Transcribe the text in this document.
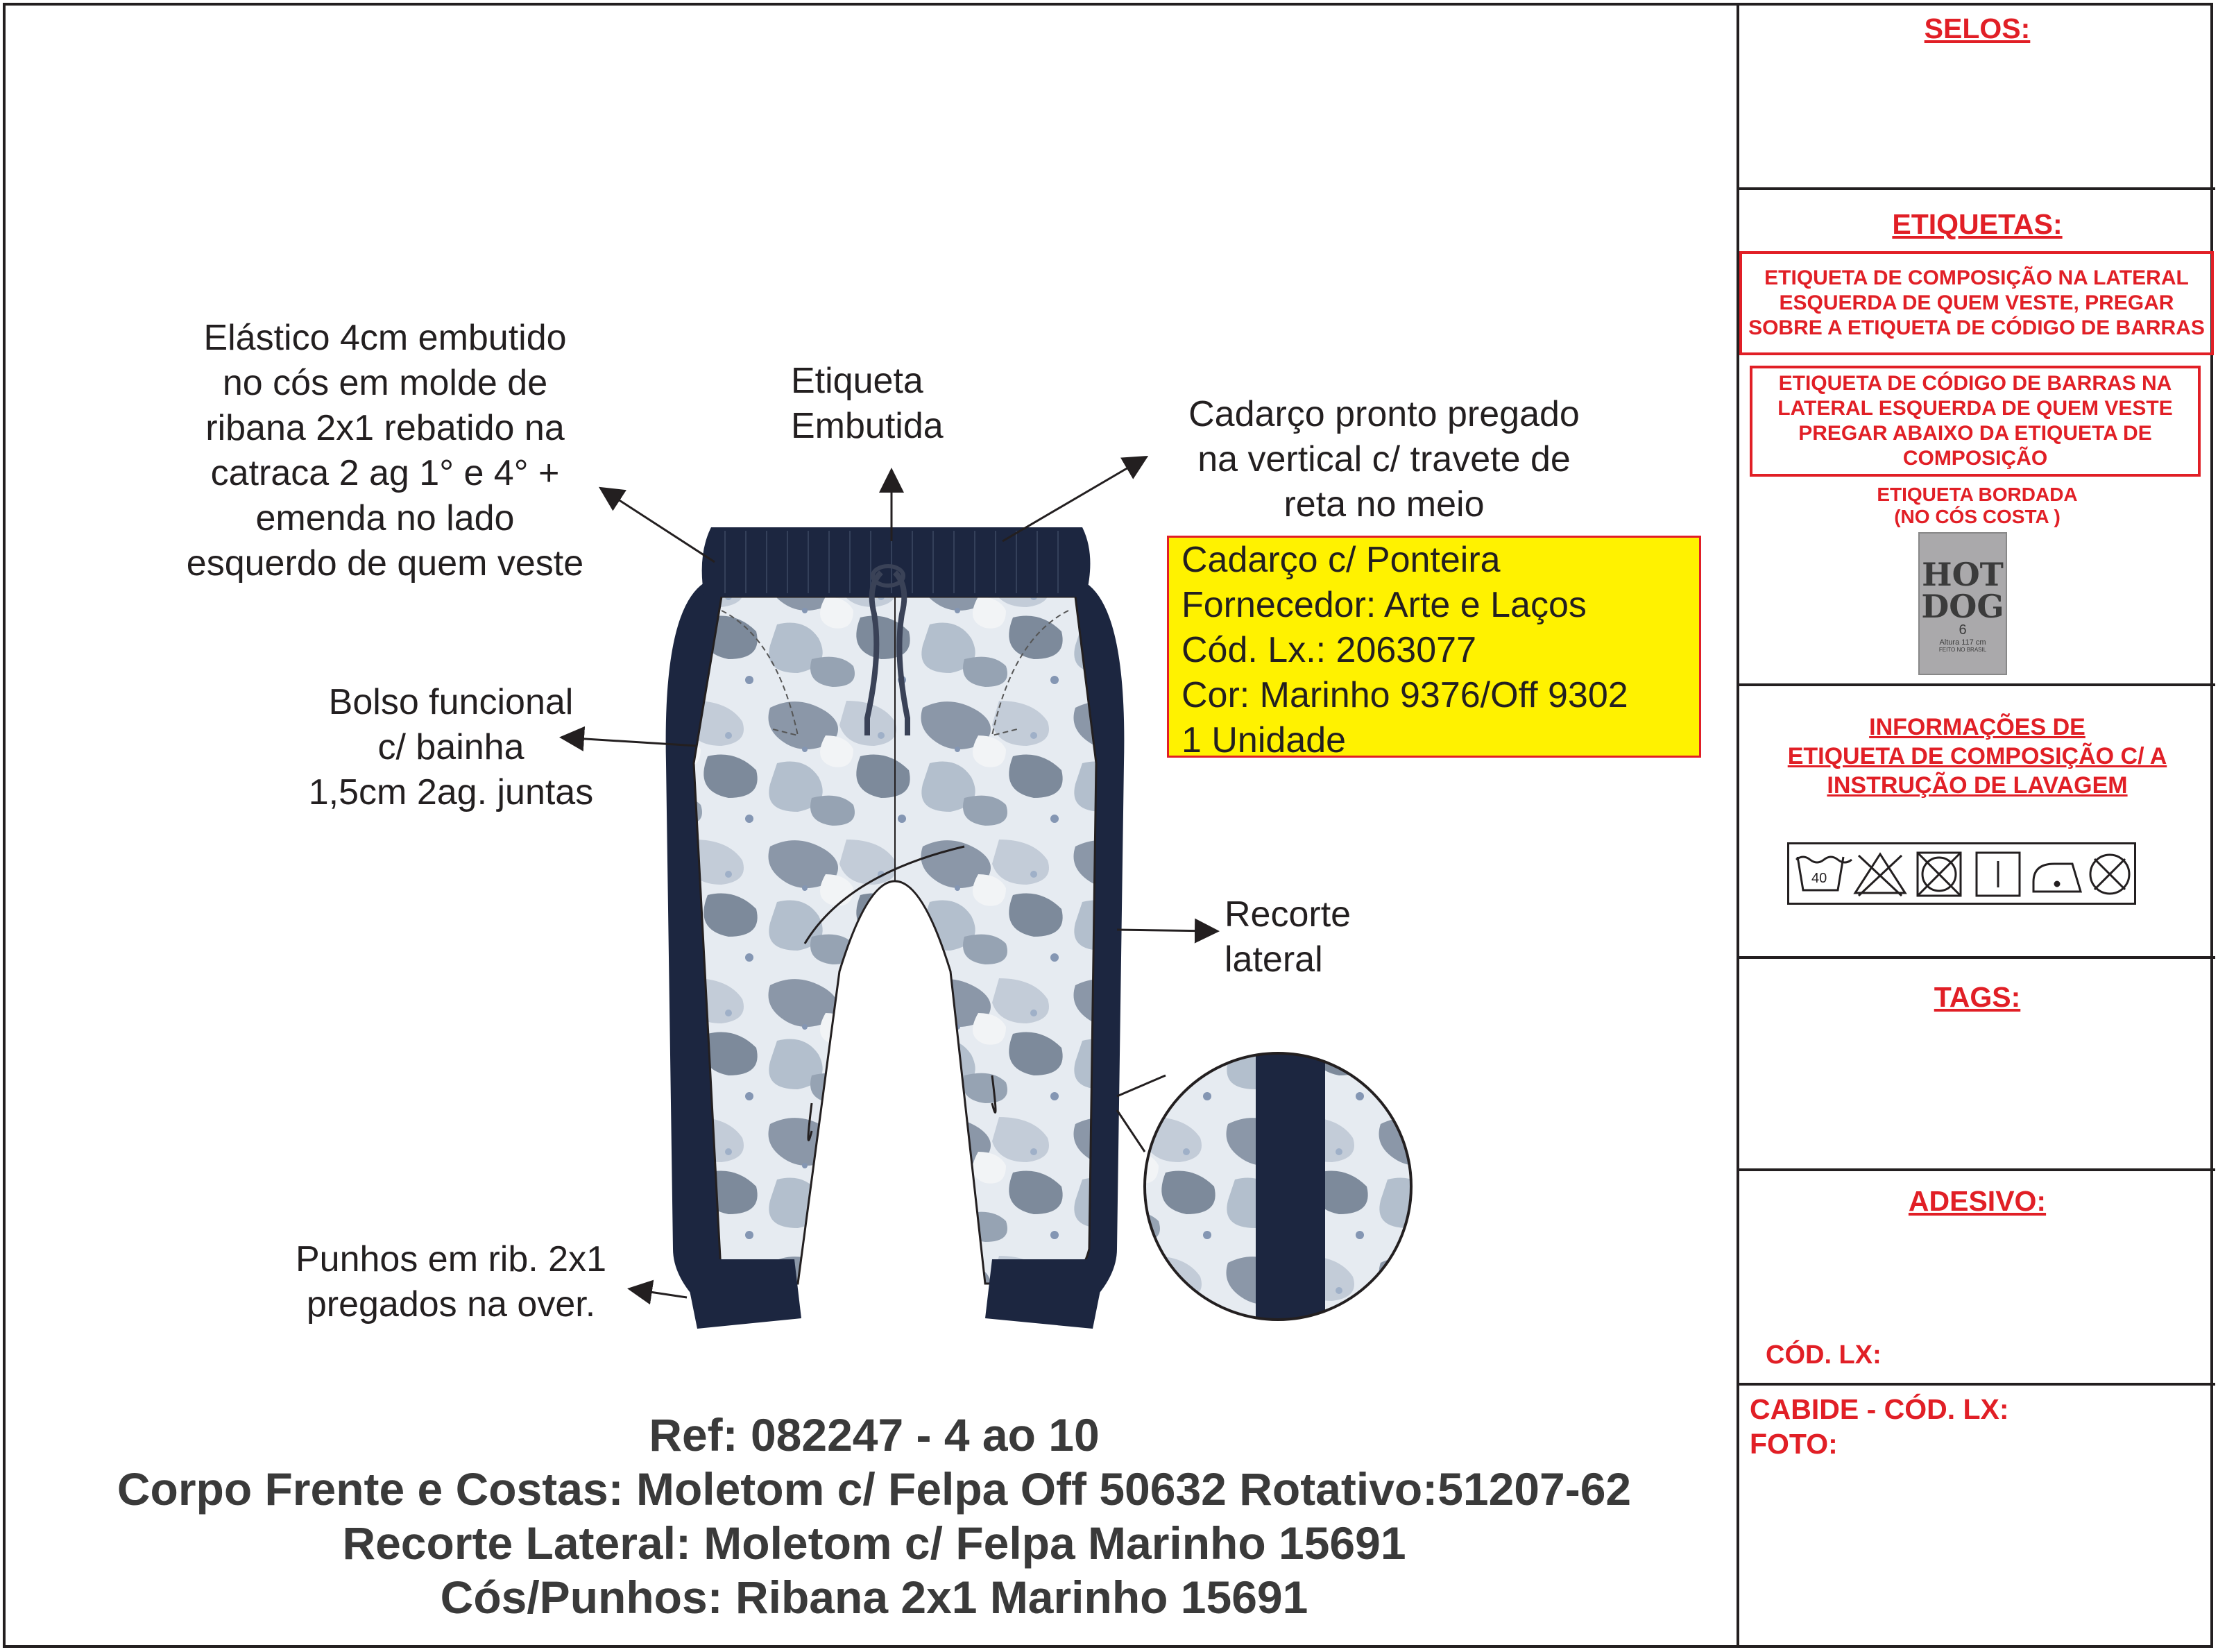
Elástico 4cm embutido
no cós em molde de
ribana 2x1 rebatido na
catraca 2 ag 1° e 4° +
emenda no lado
esquerdo de quem veste
Etiqueta
Embutida	Cadarço pronto pregado
na vertical c/ travete de
reta no meio
Cadarço c/ Ponteira
Fornecedor: Arte e Laços
Cód. Lx.: 2063077
Cor: Marinho 9376/Off 9302
1 Unidade
Bolso funcional
c/ bainha
1,5cm 2ag. juntas
Recorte
lateral
Punhos em rib. 2x1
pregados na over.
Ref: 082247 - 4 ao 10
Corpo Frente e Costas: Moletom c/ Felpa Off 50632 Rotativo:51207-62
Recorte Lateral: Moletom c/ Felpa Marinho 15691
Cós/Punhos: Ribana 2x1 Marinho 15691
SELOS:
ETIQUETAS:
ETIQUETA DE COMPOSIÇÃO NA LATERAL ESQUERDA DE QUEM VESTE, PREGAR SOBRE A ETIQUETA DE CÓDIGO DE BARRAS
ETIQUETA DE CÓDIGO DE BARRAS NA LATERAL ESQUERDA DE QUEM VESTE PREGAR ABAIXO DA ETIQUETA DE COMPOSIÇÃO
ETIQUETA BORDADA
(NO CÓS COSTA )
HOT
DOG
6
Altura 117 cm
FEITO NO BRASIL
INFORMAÇÕES DE
ETIQUETA DE COMPOSIÇÃO C/ A
INSTRUÇÃO DE LAVAGEM
40
TAGS:
ADESIVO:
CÓD. LX:
CABIDE - CÓD. LX:
FOTO:
